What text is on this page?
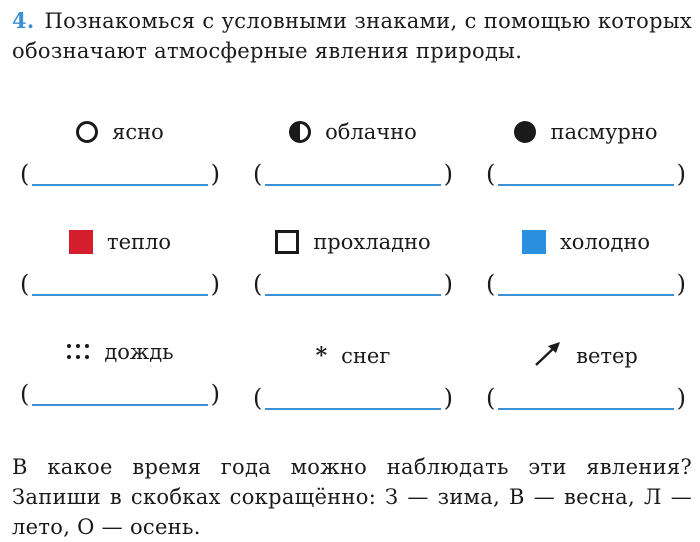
4. Познакомься с условными знаками, с помощью которых обозначают атмосферные явления природы.
ясно
(	)
облачно
(	)
пасмурно
(	)
тепло
(	)
прохладно
(	)
холодно
(	)
дождь
(	)
* снег
(	)
ветер
(	)
В какое время года можно наблюдать эти явления? Запиши в скобках сокращённо: З — зима, В — весна, Л — лето, О — осень.
